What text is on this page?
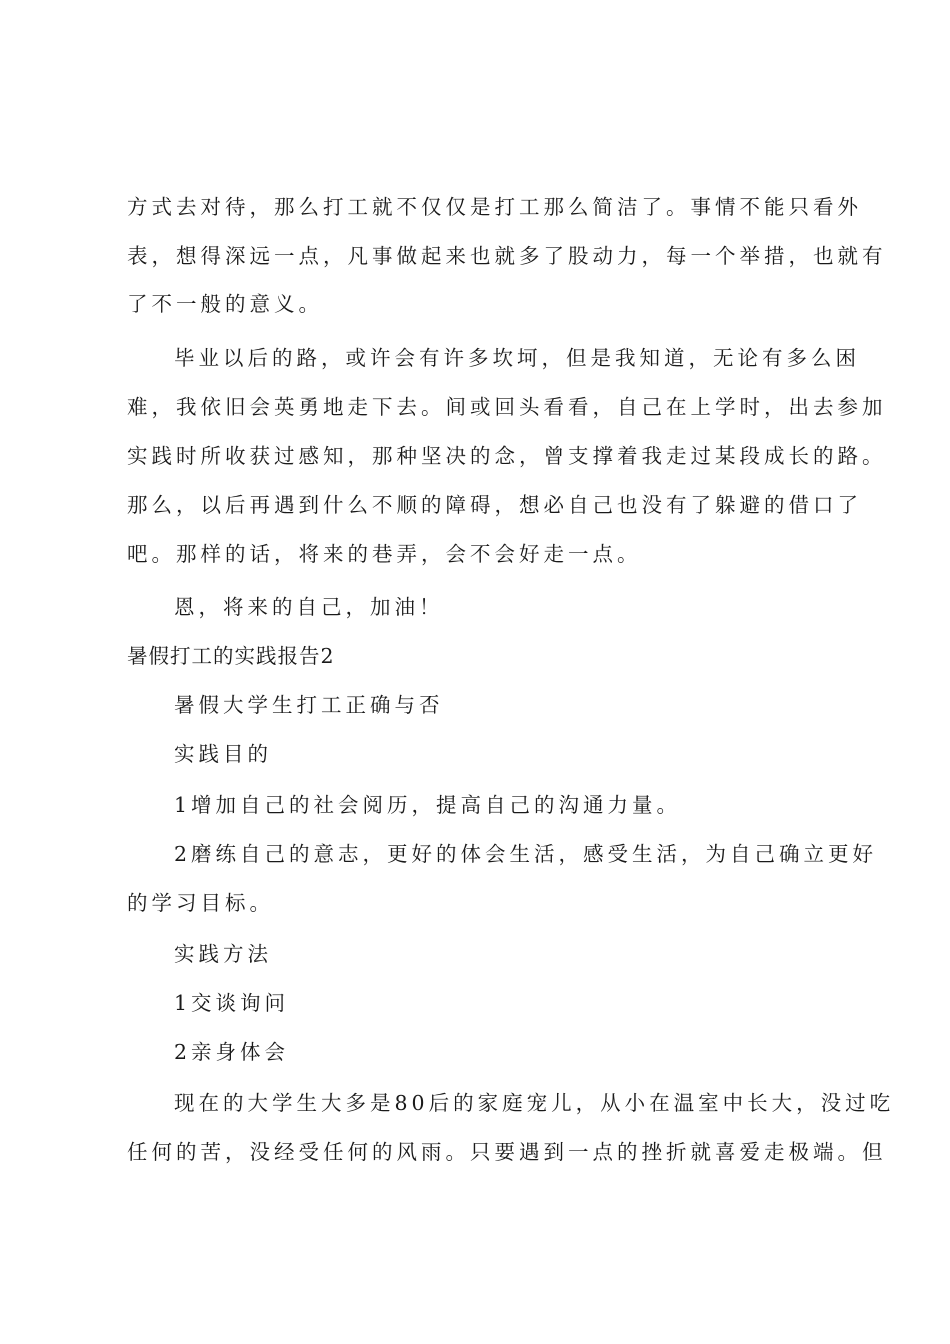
方式去对待，那么打工就不仅仅是打工那么简洁了。事情不能只看外
表，想得深远一点，凡事做起来也就多了股动力，每一个举措，也就有
了不一般的意义。
毕业以后的路，或许会有许多坎坷，但是我知道，无论有多么困
难，我依旧会英勇地走下去。间或回头看看，自己在上学时，出去参加
实践时所收获过感知，那种坚决的念，曾支撑着我走过某段成长的路。
那么，以后再遇到什么不顺的障碍，想必自己也没有了躲避的借口了
吧。那样的话，将来的巷弄，会不会好走一点。
恩，将来的自己，加油！
暑假打工的实践报告2
暑假大学生打工正确与否
实践目的
1增加自己的社会阅历，提高自己的沟通力量。
2磨练自己的意志，更好的体会生活，感受生活，为自己确立更好
的学习目标。
实践方法
1交谈询问
2亲身体会
现在的大学生大多是80后的家庭宠儿，从小在温室中长大，没过吃
任何的苦，没经受任何的风雨。只要遇到一点的挫折就喜爱走极端。但
